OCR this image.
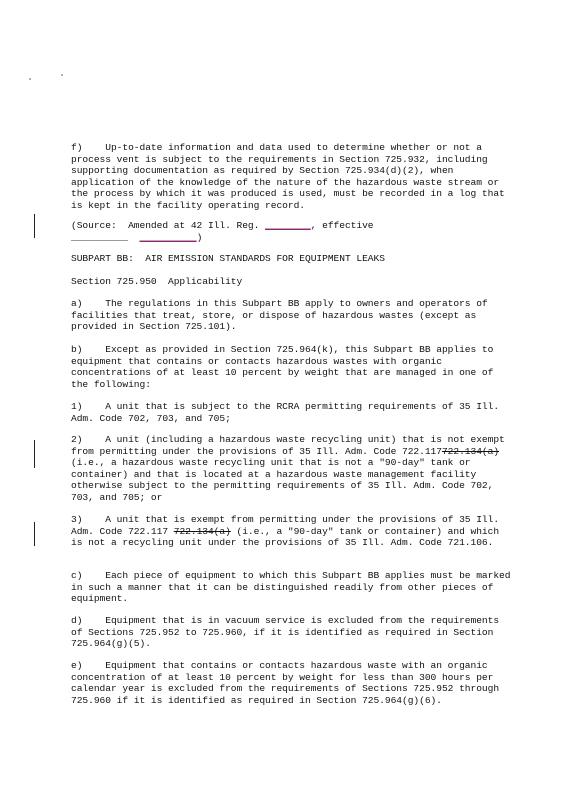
f)    Up-to-date information and data used to determine whether or not a process vent is subject to the requirements in Section 725.932, including supporting documentation as required by Section 725.934(d)(2), when application of the knowledge of the nature of the hazardous waste stream or the process by which it was produced is used, must be recorded in a log that is kept in the facility operating record.
(Source:  Amended at 42 Ill. Reg. ________, effective
__________  __________)
SUBPART BB:  AIR EMISSION STANDARDS FOR EQUIPMENT LEAKS
Section 725.950  Applicability
a)    The regulations in this Subpart BB apply to owners and operators of facilities that treat, store, or dispose of hazardous wastes (except as provided in Section 725.101).
b)    Except as provided in Section 725.964(k), this Subpart BB applies to equipment that contains or contacts hazardous wastes with organic concentrations of at least 10 percent by weight that are managed in one of the following:
1)    A unit that is subject to the RCRA permitting requirements of 35 Ill. Adm. Code 702, 703, and 705;
2)    A unit (including a hazardous waste recycling unit) that is not exempt from permitting under the provisions of 35 Ill. Adm. Code 722.117722.134(a) (i.e., a hazardous waste recycling unit that is not a "90-day" tank or container) and that is located at a hazardous waste management facility otherwise subject to the permitting requirements of 35 Ill. Adm. Code 702, 703, and 705; or
3)    A unit that is exempt from permitting under the provisions of 35 Ill. Adm. Code 722.117 722.134(a) (i.e., a "90-day" tank or container) and which is not a recycling unit under the provisions of 35 Ill. Adm. Code 721.106.
c)    Each piece of equipment to which this Subpart BB applies must be marked in such a manner that it can be distinguished readily from other pieces of equipment.
d)    Equipment that is in vacuum service is excluded from the requirements of Sections 725.952 to 725.960, if it is identified as required in Section 725.964(g)(5).
e)    Equipment that contains or contacts hazardous waste with an organic concentration of at least 10 percent by weight for less than 300 hours per calendar year is excluded from the requirements of Sections 725.952 through 725.960 if it is identified as required in Section 725.964(g)(6).
